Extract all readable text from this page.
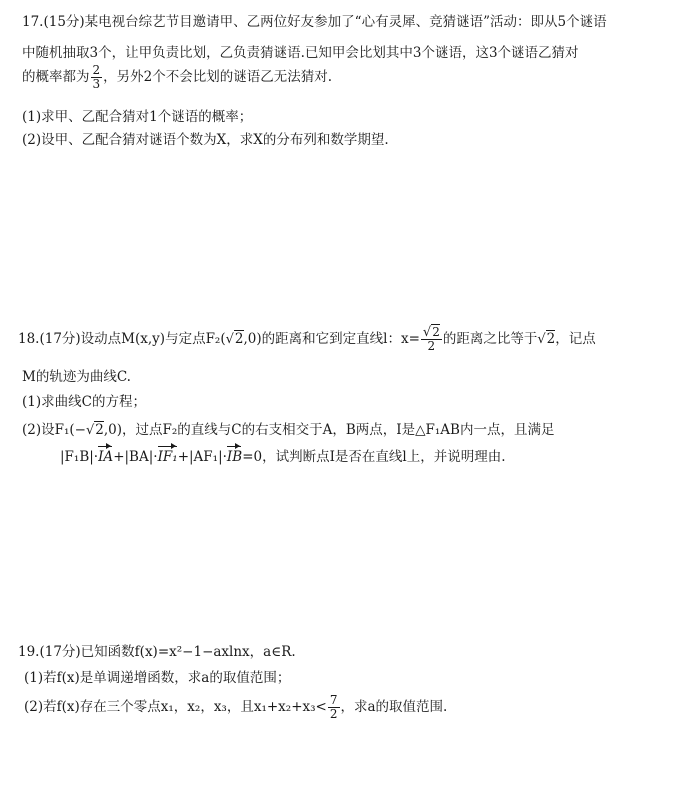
17.(15分)某电视台综艺节目邀请甲、乙两位好友参加了“心有灵犀、竞猜谜语”活动：即从5个谜语
中随机抽取3个，让甲负责比划，乙负责猜谜语.已知甲会比划其中3个谜语，这3个谜语乙猜对
的概率都为 $\frac{2}{3}$ ，另外2个不会比划的谜语乙无法猜对.
(1)求甲、乙配合猜对1个谜语的概率；
(2)设甲、乙配合猜对谜语个数为X，求X的分布列和数学期望.
18.(17分)设动点M(x,y)与定点F₂(√2,0)的距离和它到定直线l：$x= \frac{√2}{2}$ 的距离之比等于√2，记点
M的轨迹为曲线C.
(1)求曲线C的方程；
(2)设F₁(−√2,0)，过点F₂的直线与C的右支相交于A，B两点，I是△F₁AB内一点，且满足
|F₁B|·IA+|BA|·IF₁+|AF₁|·IB=0，试判断点I是否在直线l上，并说明理由.
19.(17分)已知函数f(x)=x²−1−axlnx，a∈R.
(1)若f(x)是单调递增函数，求a的取值范围；
(2)若f(x)存在三个零点x₁，x₂，x₃，且$x_1+x_2+x_3< \frac{7}{2}$ ，求a的取值范围.
